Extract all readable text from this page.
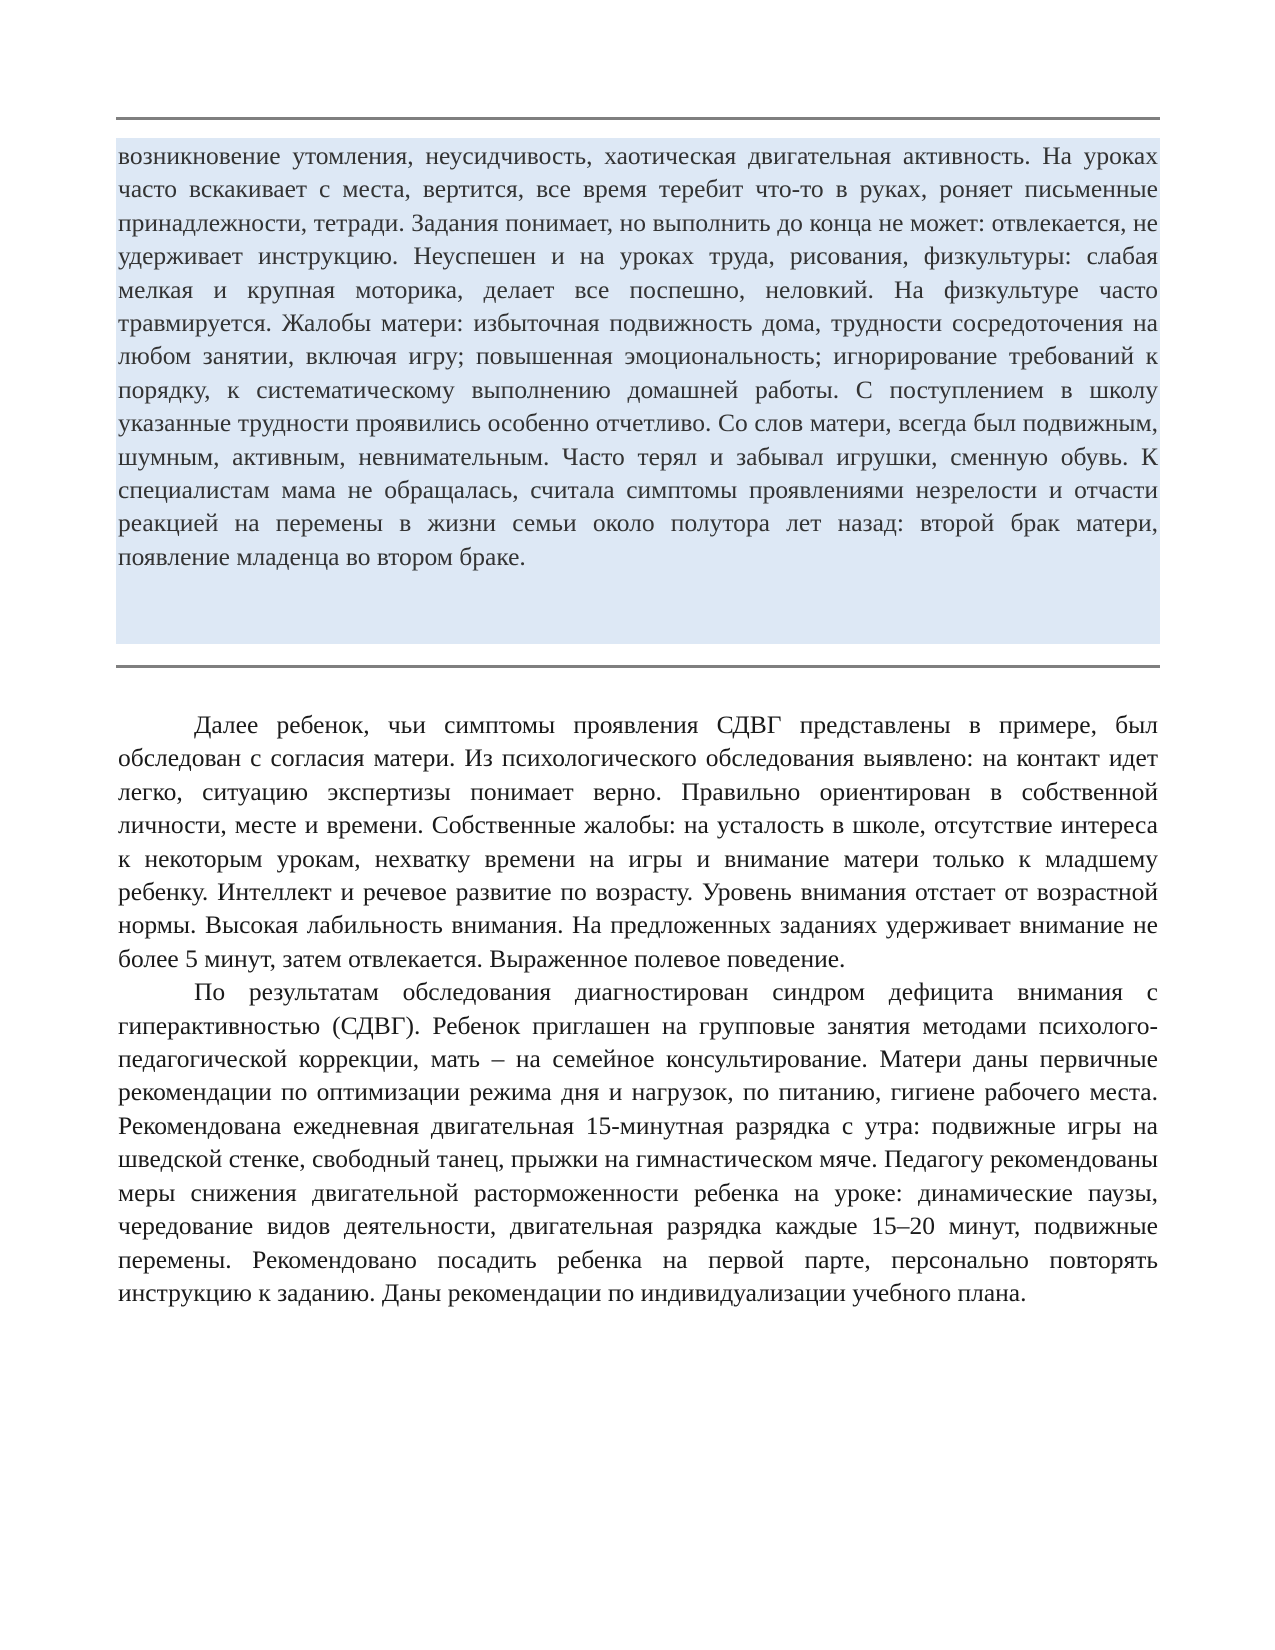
возникновение утомления, неусидчивость, хаотическая двигательная активность. На уроках часто вскакивает с места, вертится, все время теребит что-то в руках, роняет письменные принадлежности, тетради. Задания понимает, но выполнить до конца не может: отвлекается, не удерживает инструкцию. Неуспешен и на уроках труда, рисования, физкультуры: слабая мелкая и крупная моторика, делает все поспешно, неловкий. На физкультуре часто травмируется. Жалобы матери: избыточная подвижность дома, трудности сосредоточения на любом занятии, включая игру; повышенная эмоциональность; игнорирование требований к порядку, к систематическому выполнению домашней работы. С поступлением в школу указанные трудности проявились особенно отчетливо. Со слов матери, всегда был подвижным, шумным, активным, невнимательным. Часто терял и забывал игрушки, сменную обувь. К специалистам мама не обращалась, считала симптомы проявлениями незрелости и отчасти реакцией на перемены в жизни семьи около полутора лет назад: второй брак матери, появление младенца во втором браке.

Далее ребенок, чьи симптомы проявления СДВГ представлены в примере, был обследован с согласия матери. Из психологического обследования выявлено: на контакт идет легко, ситуацию экспертизы понимает верно. Правильно ориентирован в собственной личности, месте и времени. Собственные жалобы: на усталость в школе, отсутствие интереса к некоторым урокам, нехватку времени на игры и внимание матери только к младшему ребенку. Интеллект и речевое развитие по возрасту. Уровень внимания отстает от возрастной нормы. Высокая лабильность внимания. На предложенных заданиях удерживает внимание не более 5 минут, затем отвлекается. Выраженное полевое поведение.

По результатам обследования диагностирован синдром дефицита внимания с гиперактивностью (СДВГ). Ребенок приглашен на групповые занятия методами психолого-педагогической коррекции, мать – на семейное консультирование. Матери даны первичные рекомендации по оптимизации режима дня и нагрузок, по питанию, гигиене рабочего места. Рекомендована ежедневная двигательная 15-минутная разрядка с утра: подвижные игры на шведской стенке, свободный танец, прыжки на гимнастическом мяче. Педагогу рекомендованы меры снижения двигательной расторможенности ребенка на уроке: динамические паузы, чередование видов деятельности, двигательная разрядка каждые 15–20 минут, подвижные перемены. Рекомендовано посадить ребенка на первой парте, персонально повторять инструкцию к заданию. Даны рекомендации по индивидуализации учебного плана.
